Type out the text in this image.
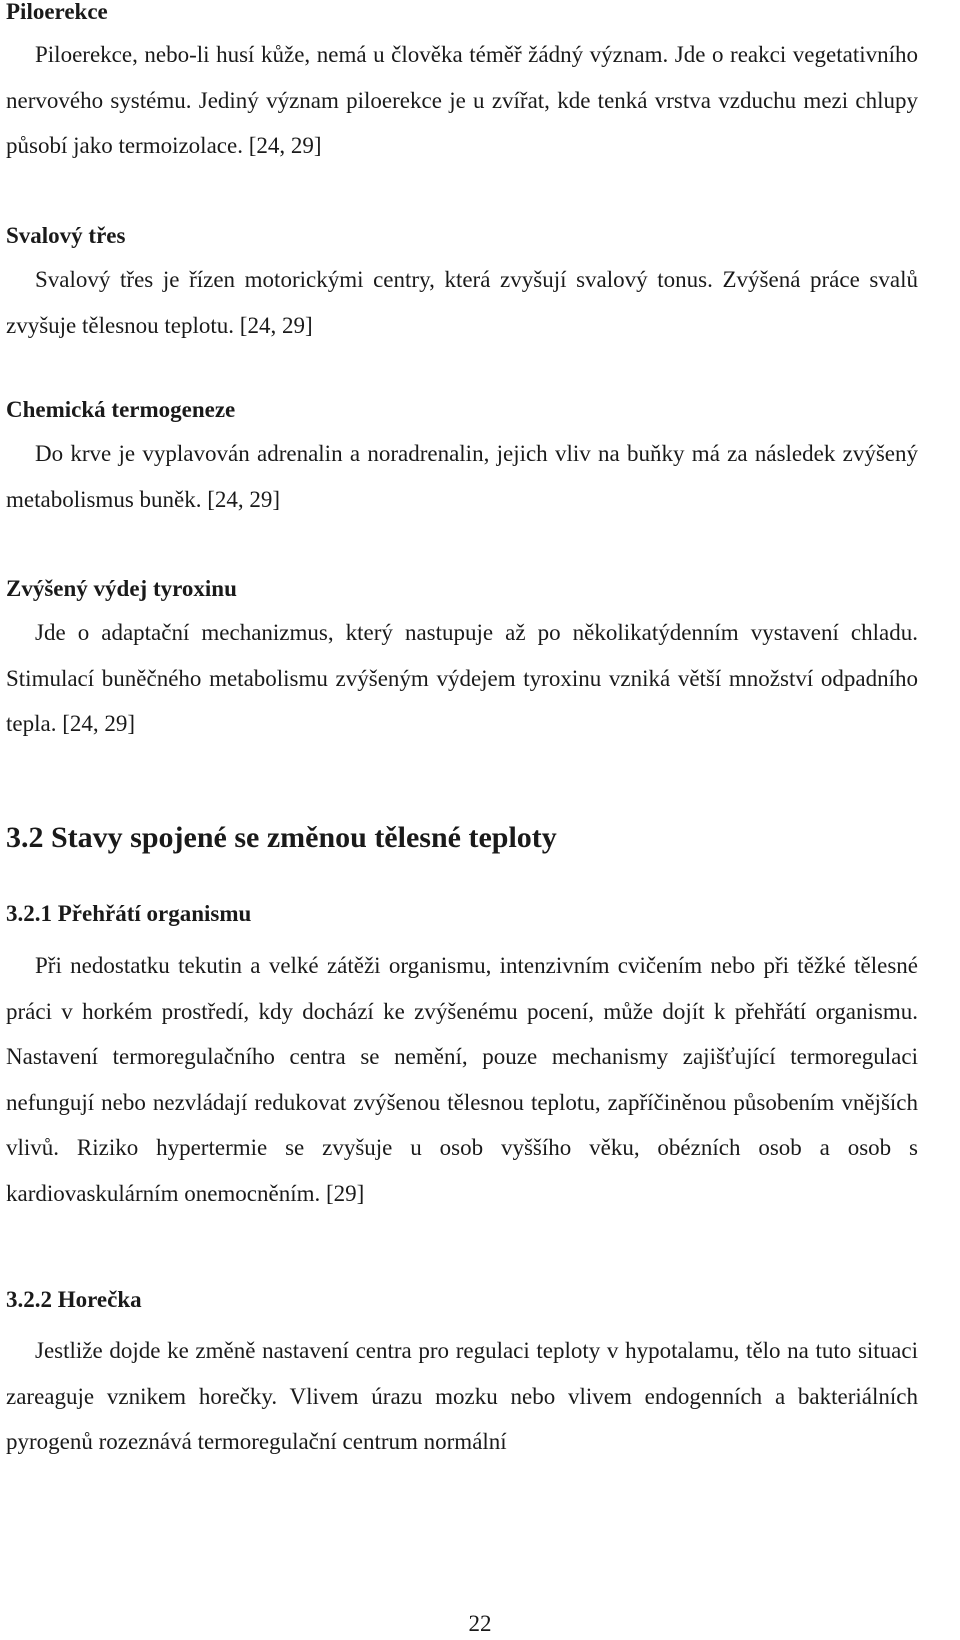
Piloerekce

Piloerekce, nebo-li husí kůže, nemá u člověka téměř žádný význam. Jde o reakci vegetativního nervového systému. Jediný význam piloerekce je u zvířat, kde tenká vrstva vzduchu mezi chlupy působí jako termoizolace. [24, 29]

Svalový třes

Svalový třes je řízen motorickými centry, která zvyšují svalový tonus. Zvýšená práce svalů zvyšuje tělesnou teplotu. [24, 29]

Chemická termogeneze

Do krve je vyplavován adrenalin a noradrenalin, jejich vliv na buňky má za následek zvýšený metabolismus buněk. [24, 29]

Zvýšený výdej tyroxinu

Jde o adaptační mechanizmus, který nastupuje až po několikatýdenním vystavení chladu. Stimulací buněčného metabolismu zvýšeným výdejem tyroxinu vzniká větší množství odpadního tepla. [24, 29]

3.2 Stavy spojené se změnou tělesné teploty
3.2.1 Přehřátí organismu

Při nedostatku tekutin a velké zátěži organismu, intenzivním cvičením nebo při těžké tělesné práci v horkém prostředí, kdy dochází ke zvýšenému pocení, může dojít k přehřátí organismu. Nastavení termoregulačního centra se nemění, pouze mechanismy zajišťující termoregulaci nefungují nebo nezvládají redukovat zvýšenou tělesnou teplotu, zapříčiněnou působením vnějších vlivů. Riziko hypertermie se zvyšuje u osob vyššího věku, obézních osob a osob s kardiovaskulárním onemocněním. [29]

3.2.2 Horečka

Jestliže dojde ke změně nastavení centra pro regulaci teploty v hypotalamu, tělo na tuto situaci zareaguje vznikem horečky. Vlivem úrazu mozku nebo vlivem endogenních a bakteriálních pyrogenů rozeznává termoregulační centrum normální

22
